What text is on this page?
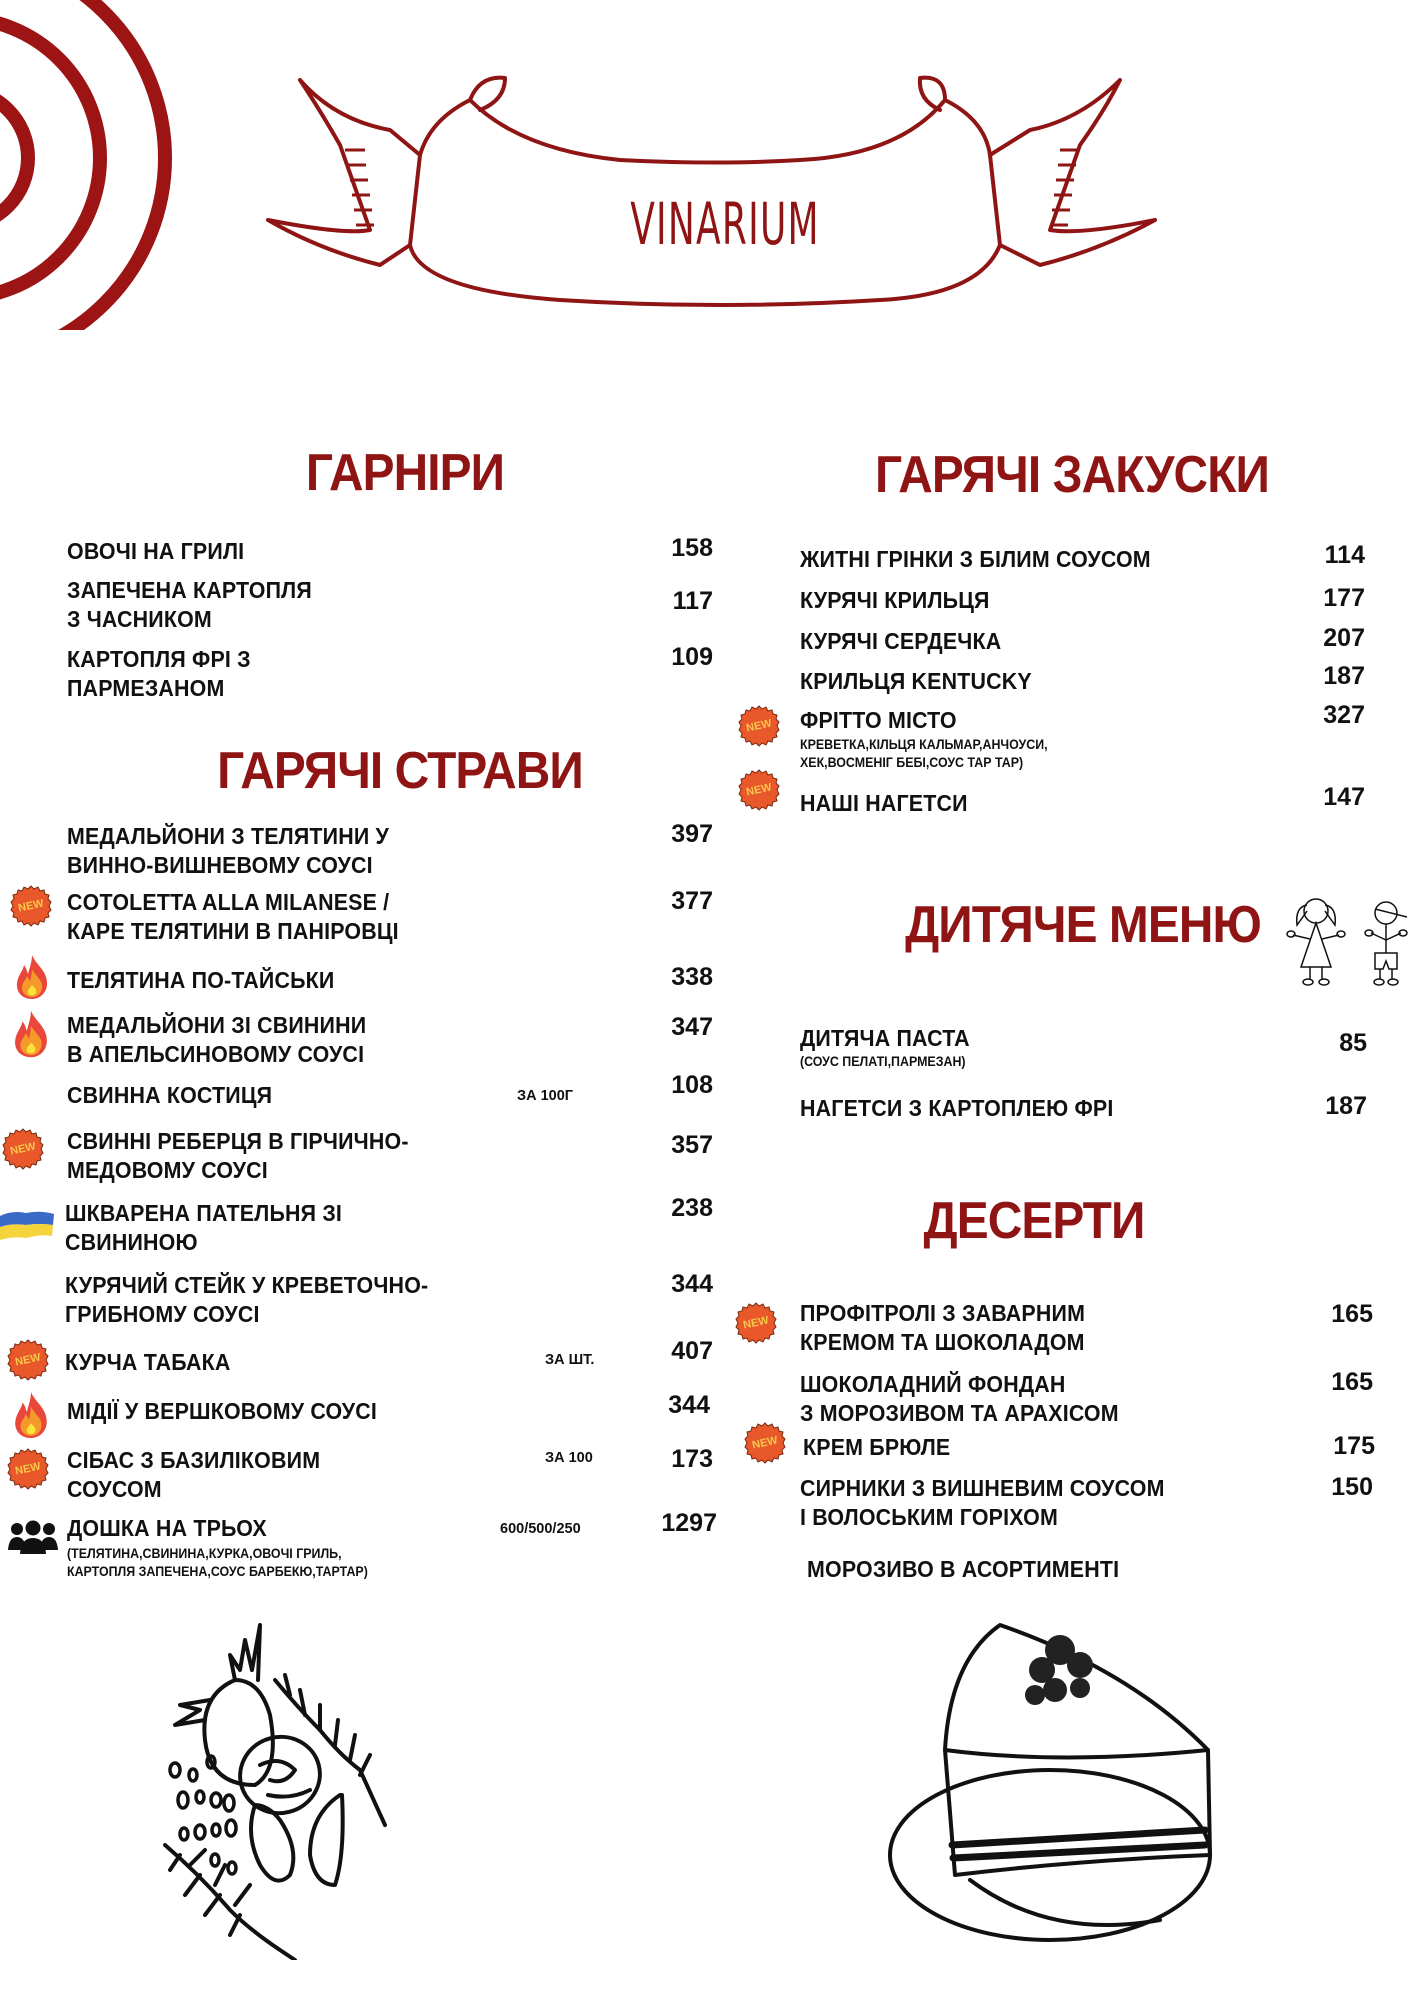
VINARIUM
ГАРНІРИ
ОВОЧІ НА ГРИЛІ	158
ЗАПЕЧЕНА КАРТОПЛЯ
З ЧАСНИКОМ
117
КАРТОПЛЯ ФРІ З
ПАРМЕЗАНОМ
109
ГАРЯЧІ СТРАВИ
МЕДАЛЬЙОНИ З ТЕЛЯТИНИ У
ВИННО-ВИШНЕВОМУ СОУСІ
397
NEW COTOLETTA ALLA MILANESE /
КАРЕ ТЕЛЯТИНИ В ПАНІРОВЦІ
377
ТЕЛЯТИНА ПО-ТАЙСЬКИ	338
МЕДАЛЬЙОНИ ЗІ СВИНИНИ
В АПЕЛЬСИНОВОМУ СОУСІ
347
СВИННА КОСТИЦЯ	ЗА 100Г	108
NEW	СВИННІ РЕБЕРЦЯ В ГІРЧИЧНО-
МЕДОВОМУ СОУСІ
357
ШКВАРЕНА ПАТЕЛЬНЯ ЗІ
СВИНИНОЮ
238
КУРЯЧИЙ СТЕЙК У КРЕВЕТОЧНО-
ГРИБНОМУ СОУСІ
344
NEW	КУРЧА ТАБАКА	ЗА ШТ.	407
МІДІЇ У ВЕРШКОВОМУ СОУСІ	344
NEW	СІБАС З БАЗИЛІКОВИМ
СОУСОМ
ЗА 100	173
ДОШКА НА ТРЬОХ	600/500/250	1297
(ТЕЛЯТИНА,СВИНИНА,КУРКА,ОВОЧІ ГРИЛЬ,
КАРТОПЛЯ ЗАПЕЧЕНА,СОУС БАРБЕКЮ,ТАРТАР)
ГАРЯЧІ ЗАКУСКИ
ЖИТНІ ГРІНКИ З БІЛИМ СОУСОМ	114
КУРЯЧІ КРИЛЬЦЯ	177
КУРЯЧІ СЕРДЕЧКА	207
КРИЛЬЦЯ KENTUCKY	187
NEW	ФРІТТО МІСТО	327
КРЕВЕТКА,КІЛЬЦЯ КАЛЬМАР,АНЧОУСИ,
ХЕК,ВОСМЕНІГ БЕБІ,СОУС ТАР ТАР)
NEW	НАШІ НАГЕТСИ	147
ДИТЯЧЕ МЕНЮ
ДИТЯЧА ПАСТА
(СОУС ПЕЛАТІ,ПАРМЕЗАН)
85
НАГЕТСИ З КАРТОПЛЕЮ ФРІ	187
ДЕСЕРТИ
NEW	ПРОФІТРОЛІ З ЗАВАРНИМ
КРЕМОМ ТА ШОКОЛАДОМ
165
ШОКОЛАДНИЙ ФОНДАН
З МОРОЗИВОМ ТА АРАХІСОМ
165
NEW	КРЕМ БРЮЛЕ	175
СИРНИКИ З ВИШНЕВИМ СОУСОМ
І ВОЛОСЬКИМ ГОРІХОМ
150
МОРОЗИВО В АСОРТИМЕНТІ
